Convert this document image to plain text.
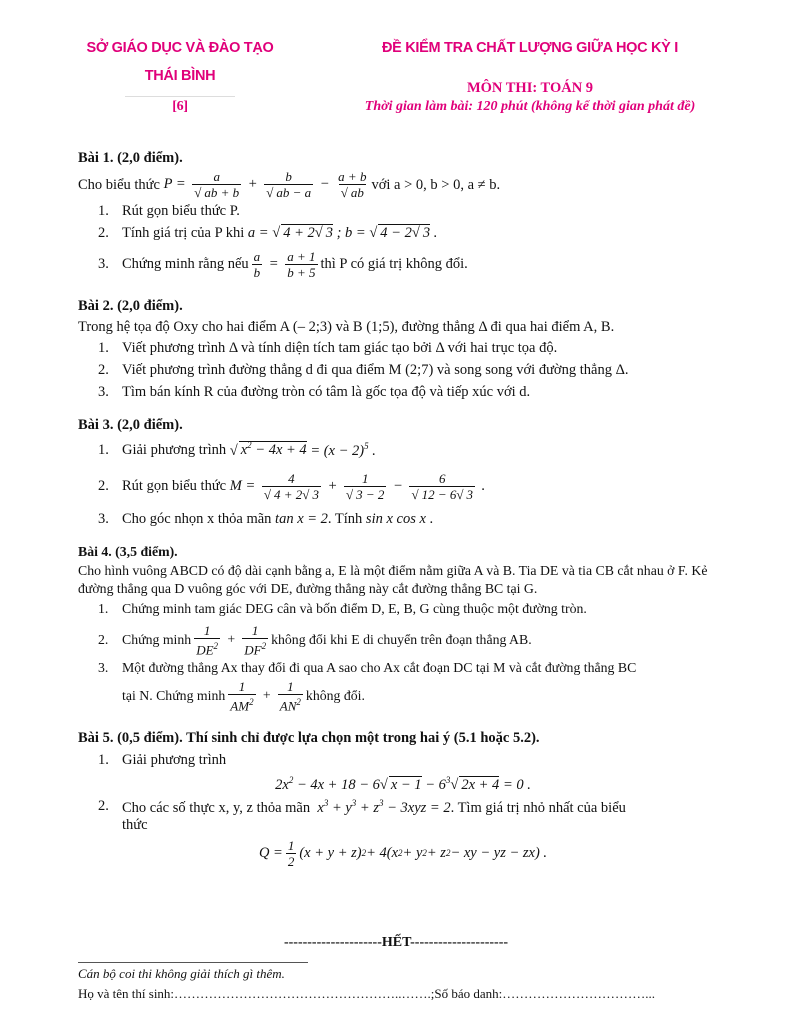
SỞ GIÁO DỤC VÀ ĐÀO TẠO
THÁI BÌNH
[6]
ĐỀ KIỂM TRA CHẤT LƯỢNG GIỮA HỌC KỲ I
MÔN THI: TOÁN 9
Thời gian làm bài: 120 phút (không kể thời gian phát đề)
Bài 1. (2,0 điểm).
Cho biểu thức
$P = \frac{a}{√ ab + b} + \frac{b}{√ ab - a} - \frac{a + b}{√ ab}$ với a > 0, b > 0, a ≠ b.
1. Rút gọn biểu thức P.
2. Tính giá trị của P khi
a = √ 4 + 2√ 3 ; b = √ 4 − 2√ 3 .
3. Chứng minh rằng nếu $\frac{a}{b} = \frac{a + 1}{b + 5}$ thì P có giá trị không đổi.
Bài 2. (2,0 điểm).
Trong hệ tọa độ Oxy cho hai điểm A (– 2;3) và B (1;5), đường thẳng Δ đi qua hai điểm A, B.
1. Viết phương trình Δ và tính diện tích tam giác tạo bởi Δ với hai trục tọa độ.
2. Viết phương trình đường thẳng d đi qua điểm M (2;7) và song song với đường thẳng Δ.
3. Tìm bán kính R của đường tròn có tâm là gốc tọa độ và tiếp xúc với d.
Bài 3. (2,0 điểm).
1. Giải phương trình
√ $x^2 - 4x + 4 = (x - 2)^5$ .
2. Rút gọn biểu thức
$M = \frac{4}{√ 4 + 2√ 3} + \frac{1}{√ 3 - 2} - \frac{6}{√ 12 - 6√ 3}$ .
3. Cho góc nhọn x thỏa mãn
tan x = 2 . Tính
sin x cos x .
Bài 4. (3,5 điểm).
Cho hình vuông ABCD có độ dài cạnh bằng a, E là một điểm nằm giữa A và B. Tia DE và tia CB cắt nhau ở F. Kẻ đường thẳng qua D vuông góc với DE, đường thẳng này cắt đường thẳng BC tại G.
1. Chứng minh tam giác DEG cân và bốn điểm D, E, B, G cùng thuộc một đường tròn.
2. Chứng minh $\frac{1}{DE^2} + \frac{1}{DF^2}$ không đổi khi E di chuyển trên đoạn thẳng AB.
3. Một đường thẳng Ax thay đổi đi qua A sao cho Ax cắt đoạn DC tại M và cắt đường thẳng BC
tại N. Chứng minh $\frac{1}{AM^2} + \frac{1}{AN^2}$ không đổi.
Bài 5. (0,5 điểm). Thí sinh chỉ được lựa chọn một trong hai ý (5.1 hoặc 5.2).
1. Giải phương trình
$2x^2 - 4x + 18 - 6√$ $x - 1 - 6^3√$ 2x + 4 = 0 .
2. Cho các số thực x, y, z thỏa mãn $x^3 + y^3 + z^3 - 3xyz = 2$. Tìm giá trị nhỏ nhất của biểu
thức
$Q = \frac{1}{2} (x + y + z) 2 + 4(x$ 2 + y 2 + z 2 − xy − yz − zx) .
---------------------HẾT---------------------
Cán bộ coi thi không giải thích gì thêm.
Họ và tên thí sinh:……………………………………………..…….;Số báo danh:……………………………...
